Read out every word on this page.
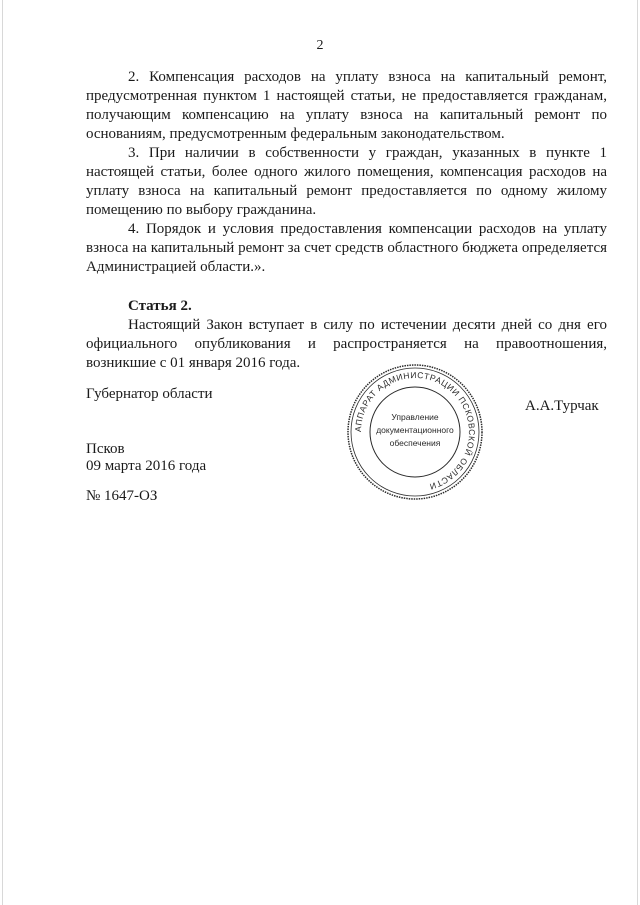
2

2. Компенсация расходов на уплату взноса на капитальный ремонт, предусмотренная пунктом 1 настоящей статьи, не предоставляется гражданам, получающим компенсацию на уплату взноса на капитальный ремонт по основаниям, предусмотренным федеральным законодательством.

3. При наличии в собственности у граждан, указанных в пункте 1 настоящей статьи, более одного жилого помещения, компенсация расходов на уплату взноса на капитальный ремонт предоставляется по одному жилому помещению по выбору гражданина.

4. Порядок и условия предоставления компенсации расходов на уплату взноса на капитальный ремонт за счет средств областного бюджета определяется Администрацией области.».

Статья 2.

Настоящий Закон вступает в силу по истечении десяти дней со дня его официального опубликования и распространяется на правоотношения, возникшие с 01 января 2016 года.

Губернатор области
А.А.Турчак
Псков
09 марта 2016 года
№ 1647-ОЗ
АППАРАТ АДМИНИСТРАЦИИ ПСКОВСКОЙ ОБЛАСТИ
Управление
документационного
обеспечения
